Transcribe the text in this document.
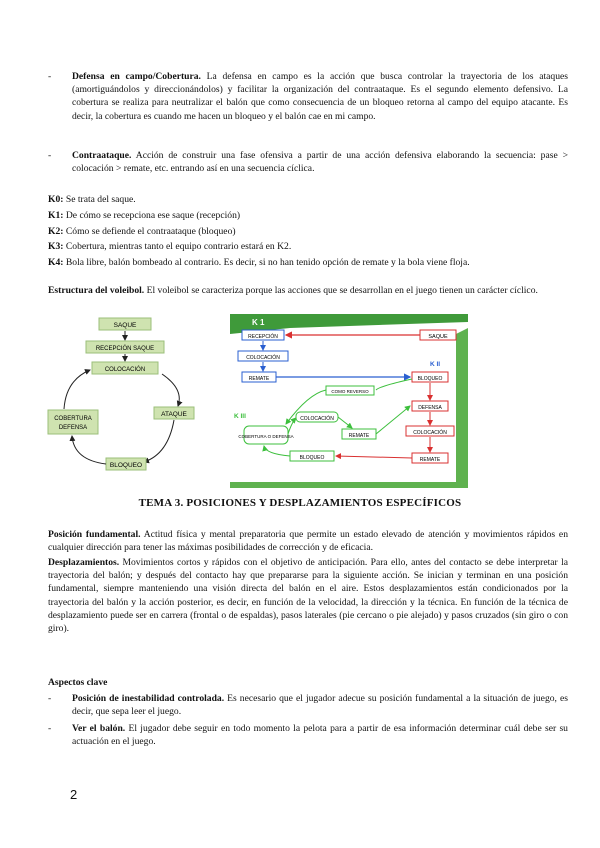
-	Defensa en campo/Cobertura. La defensa en campo es la acción que busca controlar la trayectoria de los ataques (amortiguándolos y direccionándolos) y facilitar la organización del contraataque. Es el segundo elemento defensivo. La cobertura se realiza para neutralizar el balón que como consecuencia de un bloqueo retorna al campo del equipo atacante. Es decir, la cobertura es cuando me hacen un bloqueo y el balón cae en mi campo.
-	Contraataque. Acción de construir una fase ofensiva a partir de una acción defensiva elaborando la secuencia: pase > colocación > remate, etc. entrando así en una secuencia cíclica.
K0: Se trata del saque.
K1: De cómo se recepciona ese saque (recepción)
K2: Cómo se defiende el contraataque (bloqueo)
K3: Cobertura, mientras tanto el equipo contrario estará en K2.
K4: Bola libre, balón bombeado al contrario. Es decir, si no han tenido opción de remate y la bola viene floja.
Estructura del voleibol. El voleibol se caracteriza porque las acciones que se desarrollan en el juego tienen un carácter cíclico.
SAQUE
RECEPCIÓN SAQUE
COLOCACIÓN
ATAQUE
BLOQUEO
COBERTURA
DEFENSA
K 1
RECEPCIÓN	SAQUE
COLOCACIÓN
REMATE
K II
BLOQUEO
DEFENSA
COLOCACIÓN
REMATE
COMO REVERSO
K III	COLOCACIÓN
COBERTURA O DEFENSA	REMATE
BLOQUEO
TEMA 3. POSICIONES Y DESPLAZAMIENTOS ESPECÍFICOS
Posición fundamental. Actitud física y mental preparatoria que permite un estado elevado de atención y movimientos rápidos en cualquier dirección para tener las máximas posibilidades de corrección y de eficacia.
Desplazamientos. Movimientos cortos y rápidos con el objetivo de anticipación. Para ello, antes del contacto se debe interpretar la trayectoria del balón; y después del contacto hay que prepararse para la siguiente acción. Se inician y terminan en una posición fundamental, siempre manteniendo una visión directa del balón en el aire. Estos desplazamientos están condicionados por la trayectoria del balón y la acción posterior, es decir, en función de la velocidad, la dirección y la técnica. En función de la técnica de desplazamiento puede ser en carrera (frontal o de espaldas), pasos laterales (pie cercano o pie alejado) y pasos cruzados (sin giro o con giro).
Aspectos clave
-	Posición de inestabilidad controlada. Es necesario que el jugador adecue su posición fundamental a la situación de juego, es decir, que sepa leer el juego.
-	Ver el balón. El jugador debe seguir en todo momento la pelota para a partir de esa información determinar cuál debe ser su actuación en el juego.
2
